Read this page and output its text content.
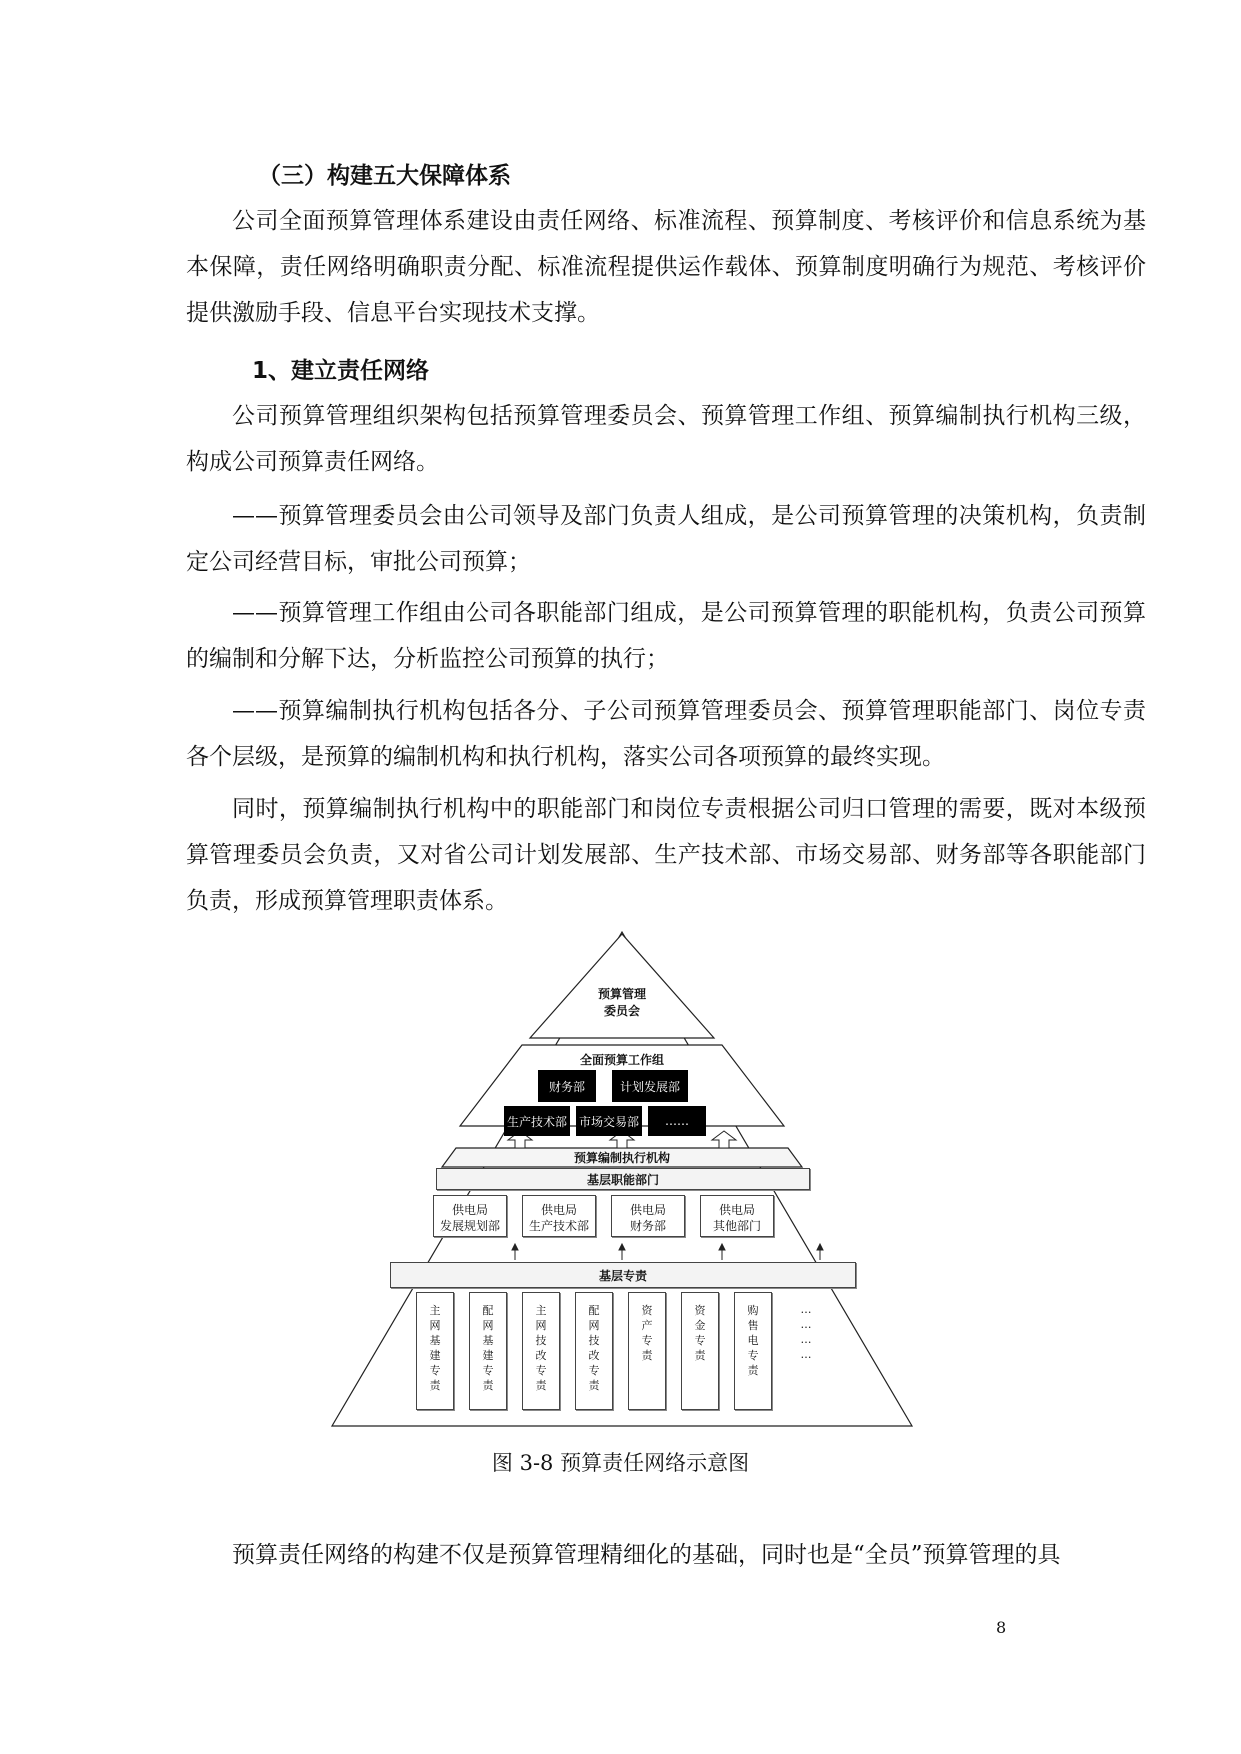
（三）构建五大保障体系

公司全面预算管理体系建设由责任网络、标准流程、预算制度、考核评价和信息系统为基本保障，责任网络明确职责分配、标准流程提供运作载体、预算制度明确行为规范、考核评价提供激励手段、信息平台实现技术支撑。

1、建立责任网络

公司预算管理组织架构包括预算管理委员会、预算管理工作组、预算编制执行机构三级，构成公司预算责任网络。

——预算管理委员会由公司领导及部门负责人组成，是公司预算管理的决策机构，负责制定公司经营目标，审批公司预算；

——预算管理工作组由公司各职能部门组成，是公司预算管理的职能机构，负责公司预算的编制和分解下达，分析监控公司预算的执行；

——预算编制执行机构包括各分、子公司预算管理委员会、预算管理职能部门、岗位专责各个层级，是预算的编制机构和执行机构，落实公司各项预算的最终实现。

同时，预算编制执行机构中的职能部门和岗位专责根据公司归口管理的需要，既对本级预算管理委员会负责，又对省公司计划发展部、生产技术部、市场交易部、财务部等各职能部门负责，形成预算管理职责体系。

预算管理
委员会
全面预算工作组
财务部	计划发展部
生产技术部 市场交易部	……
预算编制执行机构
基层职能部门
供电局
发展规划部
供电局
生产技术部
供电局
财务部
供电局
其他部门
基层专责
主
网
基
建
专
责
配
网
基
建
专
责
主
网
技
改
专
责
配
网
技
改
专
责
资
产
专
责
资
金
专
责
购
售
电
专
责
…
…
…
…
图 3-8 预算责任网络示意图

预算责任网络的构建不仅是预算管理精细化的基础，同时也是“全员”预算管理的具

8
